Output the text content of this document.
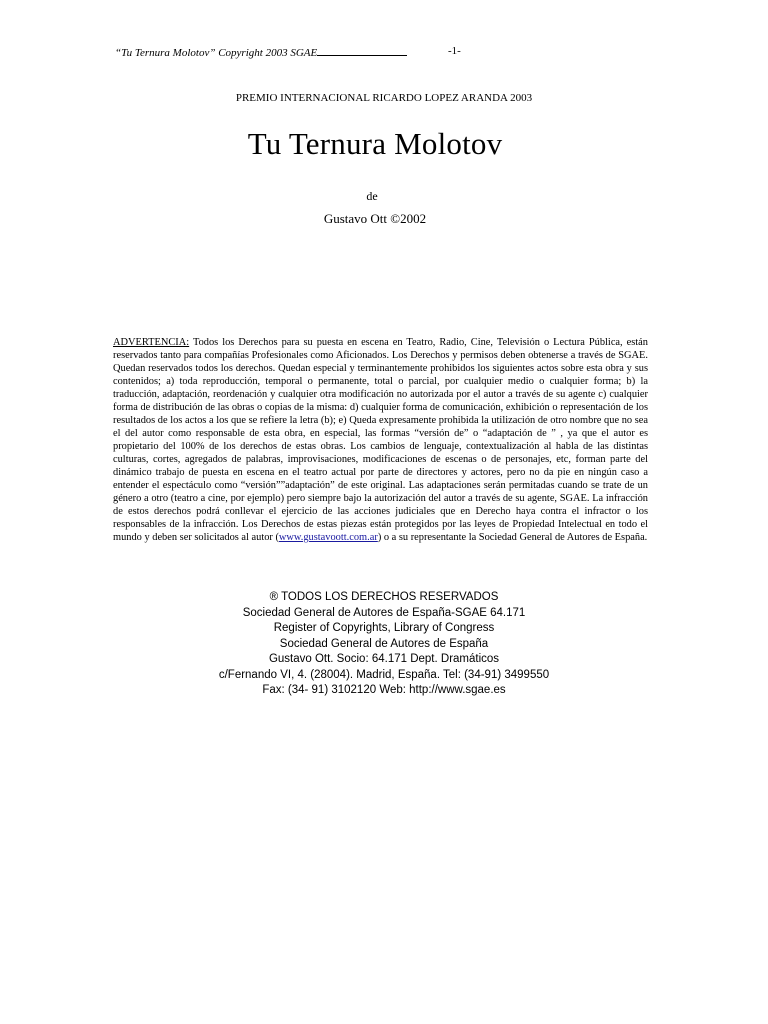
“Tu Ternura Molotov” Copyright 2003 SGAE	-1-
PREMIO INTERNACIONAL RICARDO LOPEZ ARANDA 2003
Tu Ternura Molotov
de
Gustavo Ott ©2002
ADVERTENCIA: Todos los Derechos para su puesta en escena en Teatro, Radio, Cine, Televisión o Lectura Pública, están reservados tanto para compañías Profesionales como Aficionados. Los Derechos y permisos deben obtenerse a través de SGAE. Quedan reservados todos los derechos. Quedan especial y terminantemente prohibidos los siguientes actos sobre esta obra y sus contenidos; a) toda reproducción, temporal o permanente, total o parcial, por cualquier medio o cualquier forma; b) la traducción, adaptación, reordenación y cualquier otra modificación no autorizada por el autor a través de su agente c) cualquier forma de distribución de las obras o copias de la misma: d) cualquier forma de comunicación, exhibición o representación de los resultados de los actos a los que se refiere la letra (b); e) Queda expresamente prohibida la utilización de otro nombre que no sea el del autor como responsable de esta obra, en especial, las formas “versión de” o “adaptación de ” , ya que el autor es propietario del 100% de los derechos de estas obras. Los cambios de lenguaje, contextualización al habla de las distintas culturas, cortes, agregados de palabras, improvisaciones, modificaciones de escenas o de personajes, etc, forman parte del dinámico trabajo de puesta en escena en el teatro actual por parte de directores y actores, pero no da pie en ningún caso a entender el espectáculo como “versión””adaptación” de este original. Las adaptaciones serán permitadas cuando se trate de un género a otro (teatro a cine, por ejemplo) pero siempre bajo la autorización del autor a través de su agente, SGAE. La infracción de estos derechos podrá conllevar el ejercicio de las acciones judiciales que en Derecho haya contra el infractor o los responsables de la infracción. Los Derechos de estas piezas están protegidos por las leyes de Propiedad Intelectual en todo el mundo y deben ser solicitados al autor (www.gustavoott.com.ar) o a su representante la Sociedad General de Autores de España.
® TODOS LOS DERECHOS RESERVADOS
Sociedad General de Autores de España-SGAE 64.171
Register of Copyrights, Library of Congress
Sociedad General de Autores de España
Gustavo Ott. Socio: 64.171 Dept. Dramáticos
c/Fernando VI, 4. (28004). Madrid, España. Tel: (34-91) 3499550
Fax: (34- 91) 3102120 Web: http://www.sgae.es
